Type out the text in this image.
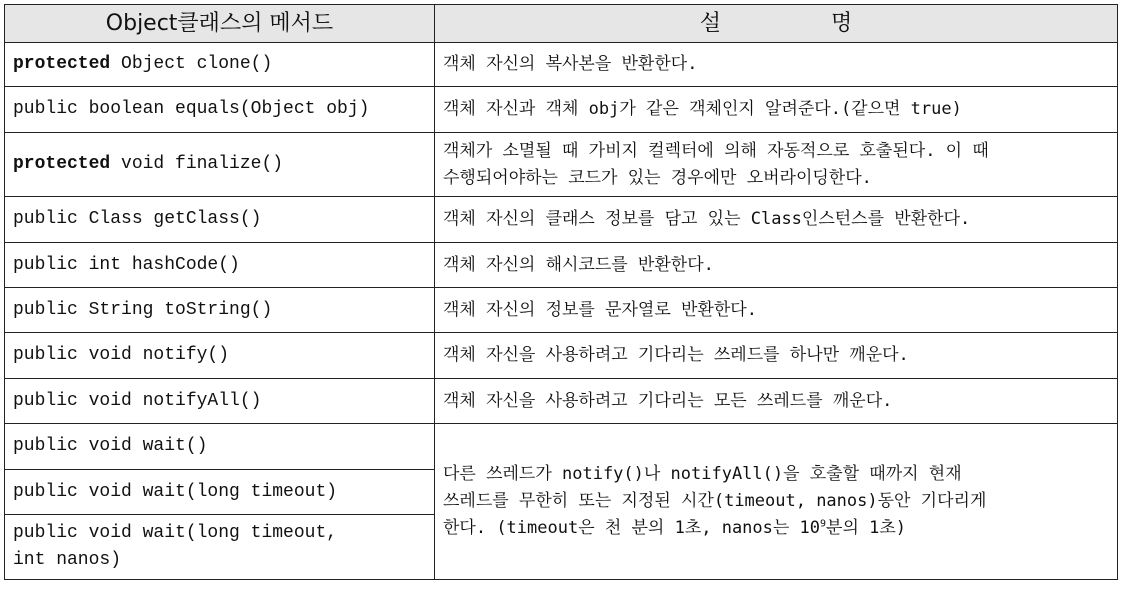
Object클래스의 메서드	설 명
protected Object clone()	객체 자신의 복사본을 반환한다.
public boolean equals(Object obj)	객체 자신과 객체 obj가 같은 객체인지 알려준다.(같으면 true)
protected void finalize()	객체가 소멸될 때 가비지 컬렉터에 의해 자동적으로 호출된다. 이 때
수행되어야하는 코드가 있는 경우에만 오버라이딩한다.

public Class getClass()	객체 자신의 클래스 정보를 담고 있는 Class인스턴스를 반환한다.
public int hashCode()	객체 자신의 해시코드를 반환한다.
public String toString()	객체 자신의 정보를 문자열로 반환한다.
public void notify()	객체 자신을 사용하려고 기다리는 쓰레드를 하나만 깨운다.
public void notifyAll()	객체 자신을 사용하려고 기다리는 모든 쓰레드를 깨운다.
public void wait()	다른 쓰레드가 notify()나 notifyAll()을 호출할 때까지 현재
쓰레드를 무한히 또는 지정된 시간(timeout, nanos)동안 기다리게
한다. (timeout은 천 분의 1초, nanos는 $10^9$분의 1초)

public void wait(long timeout)	

public void wait(long timeout,
int nanos)	
